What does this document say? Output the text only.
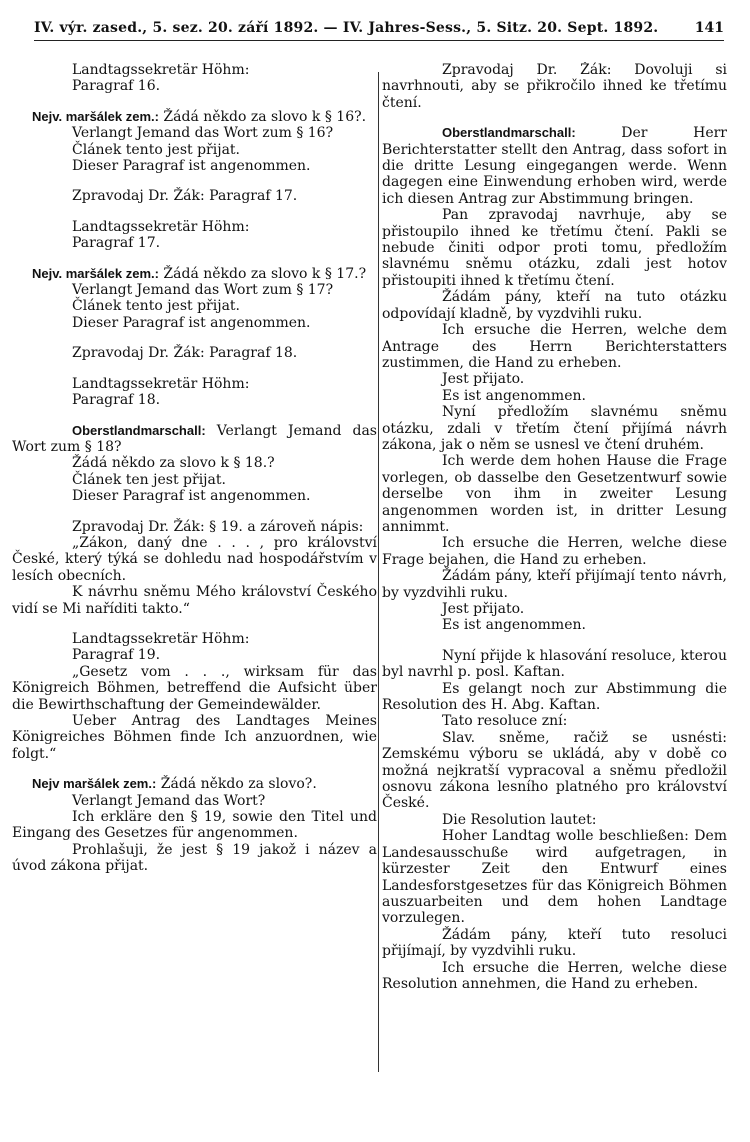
IV. výr. zased., 5. sez. 20. září 1892. — IV. Jahres-Sess., 5. Sitz. 20. Sept. 1892.	141

Landtagssekretär Höhm:

Paragraf 16.

Nejv. maršálek zem.: Žádá někdo za slovo k § 16?.

Verlangt Jemand das Wort zum § 16?

Článek tento jest přijat.

Dieser Paragraf ist angenommen.

Zpravodaj Dr. Žák: Paragraf 17.

Landtagssekretär Höhm:

Paragraf 17.

Nejv. maršálek zem.: Žádá někdo za slovo k § 17.?

Verlangt Jemand das Wort zum § 17?

Článek tento jest přijat.

Dieser Paragraf ist angenommen.

Zpravodaj Dr. Žák: Paragraf 18.

Landtagssekretär Höhm:

Paragraf 18.

Oberstlandmarschall: Verlangt Jemand das Wort zum § 18?

Žádá někdo za slovo k § 18.?

Článek ten jest přijat.

Dieser Paragraf ist angenommen.

Zpravodaj Dr. Žák: § 19. a zároveň nápis:

„Zákon, daný dne . . . , pro království České, který týká se dohledu nad hospodářstvím v lesích obecních.

K návrhu sněmu Mého království Českého vidí se Mi naříditi takto.“

Landtagssekretär Höhm:

Paragraf 19.

„Gesetz vom . . ., wirksam für das Königreich Böhmen, betreffend die Aufsicht über die Bewirthschaftung der Gemeindewälder.

Ueber Antrag des Landtages Meines Königreiches Böhmen finde Ich anzuordnen, wie folgt.“

Nejv maršálek zem.: Žádá někdo za slovo?.

Verlangt Jemand das Wort?

Ich erkläre den § 19, sowie den Titel und Eingang des Gesetzes für angenommen.

Prohlašuji, že jest § 19 jakož i název a úvod zákona přijat.

Zpravodaj Dr. Žák: Dovoluji si navrhnouti, aby se přikročilo ihned ke třetímu čtení.

Oberstlandmarschall: Der Herr Berichterstatter stellt den Antrag, dass sofort in die dritte Lesung eingegangen werde. Wenn dagegen eine Einwendung erhoben wird, werde ich diesen Antrag zur Abstimmung bringen.

Pan zpravodaj navrhuje, aby se přistoupilo ihned ke třetímu čtení. Pakli se nebude činiti odpor proti tomu, předložím slavnému sněmu otázku, zdali jest hotov přistoupiti ihned k třetímu čtení.

Žádám pány, kteří na tuto otázku odpovídají kladně, by vyzdvihli ruku.

Ich ersuche die Herren, welche dem Antrage des Herrn Berichterstatters zustimmen, die Hand zu erheben.

Jest přijato.

Es ist angenommen.

Nyní předložím slavnému sněmu otázku, zdali v třetím čtení přijímá návrh zákona, jak o něm se usnesl ve čtení druhém.

Ich werde dem hohen Hause die Frage vorlegen, ob dasselbe den Gesetzentwurf sowie derselbe von ihm in zweiter Lesung angenommen worden ist, in dritter Lesung annimmt.

Ich ersuche die Herren, welche diese Frage bejahen, die Hand zu erheben.

Žádám pány, kteří přijímají tento návrh, by vyzdvihli ruku.

Jest přijato.

Es ist angenommen.

Nyní přijde k hlasování resoluce, kterou byl navrhl p. posl. Kaftan.

Es gelangt noch zur Abstimmung die Resolution des H. Abg. Kaftan.

Tato resoluce zní:

Slav. sněme, račiž se usnésti: Zemskému výboru se ukládá, aby v době co možná nejkratší vypracoval a sněmu předložil osnovu zákona lesního platného pro království České.

Die Resolution lautet:

Hoher Landtag wolle beschließen: Dem Landesausschuße wird aufgetragen, in kürzester Zeit den Entwurf eines Landesforstgesetzes für das Königreich Böhmen auszuarbeiten und dem hohen Landtage vorzulegen.

Žádám pány, kteří tuto resoluci přijímají, by vyzdvihli ruku.

Ich ersuche die Herren, welche diese Resolution annehmen, die Hand zu erheben.
